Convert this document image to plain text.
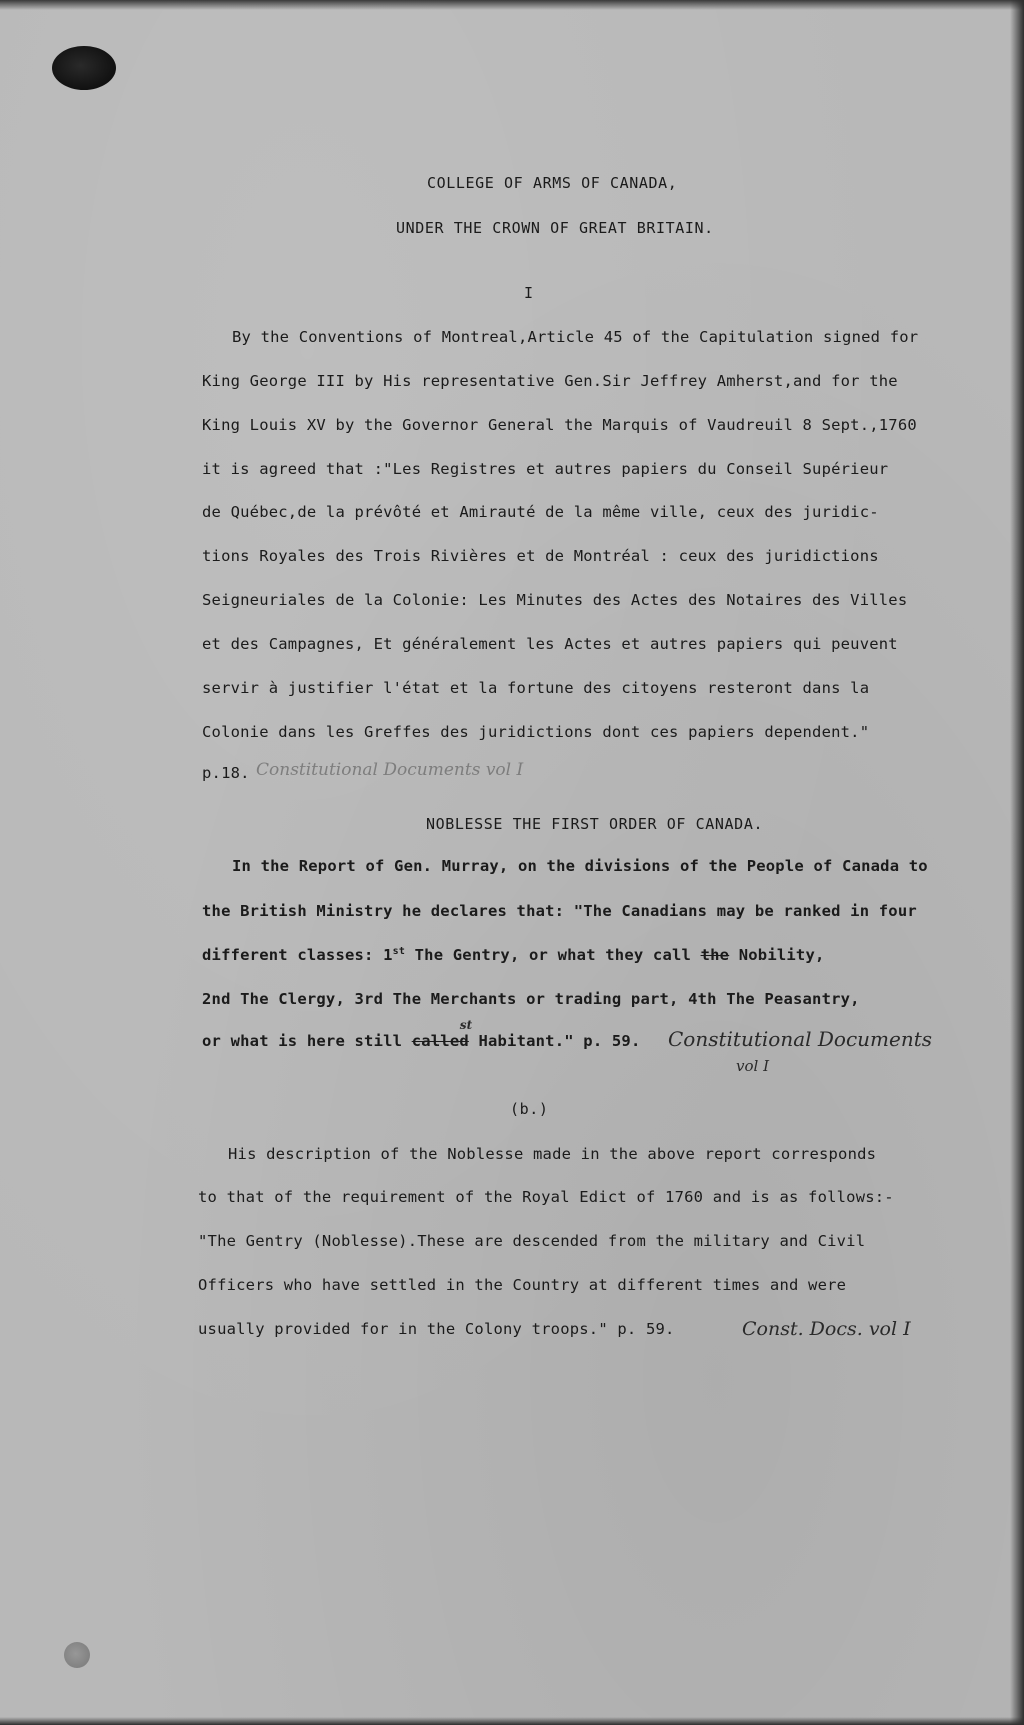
COLLEGE OF ARMS OF CANADA,
UNDER THE CROWN OF GREAT BRITAIN.
I
By the Conventions of Montreal,Article 45 of the Capitulation signed for
King George III by His representative Gen.Sir Jeffrey Amherst,and for the
King Louis XV by the Governor General the Marquis of Vaudreuil 8 Sept.,1760
it is agreed that :"Les Registres et autres papiers du Conseil Supérieur
de Québec,de la prévôté et Amirauté de la même ville, ceux des juridic-
tions Royales des Trois Rivières et de Montréal : ceux des juridictions
Seigneuriales de la Colonie: Les Minutes des Actes des Notaires des Villes
et des Campagnes, Et généralement les Actes et autres papiers qui peuvent
servir à justifier l'état et la fortune des citoyens resteront dans la
Colonie dans les Greffes des juridictions dont ces papiers dependent."
p.18. Constitutional Documents vol I
NOBLESSE THE FIRST ORDER OF CANADA.
In the Report of Gen. Murray, on the divisions of the People of Canada to
the British Ministry he declares that: "The Canadians may be ranked in four
different classes: 1st The Gentry, or what they call the Nobility,
2nd The Clergy, 3rd The Merchants or trading part, 4th The Peasantry,
or what is here still called
st
Habitant." p. 59. Constitutional Documents
vol I
(b.)
His description of the Noblesse made in the above report corresponds
to that of the requirement of the Royal Edict of 1760 and is as follows:-
"The Gentry (Noblesse).These are descended from the military and Civil
Officers who have settled in the Country at different times and were
usually provided for in the Colony troops." p. 59.	Const. Docs. vol I
